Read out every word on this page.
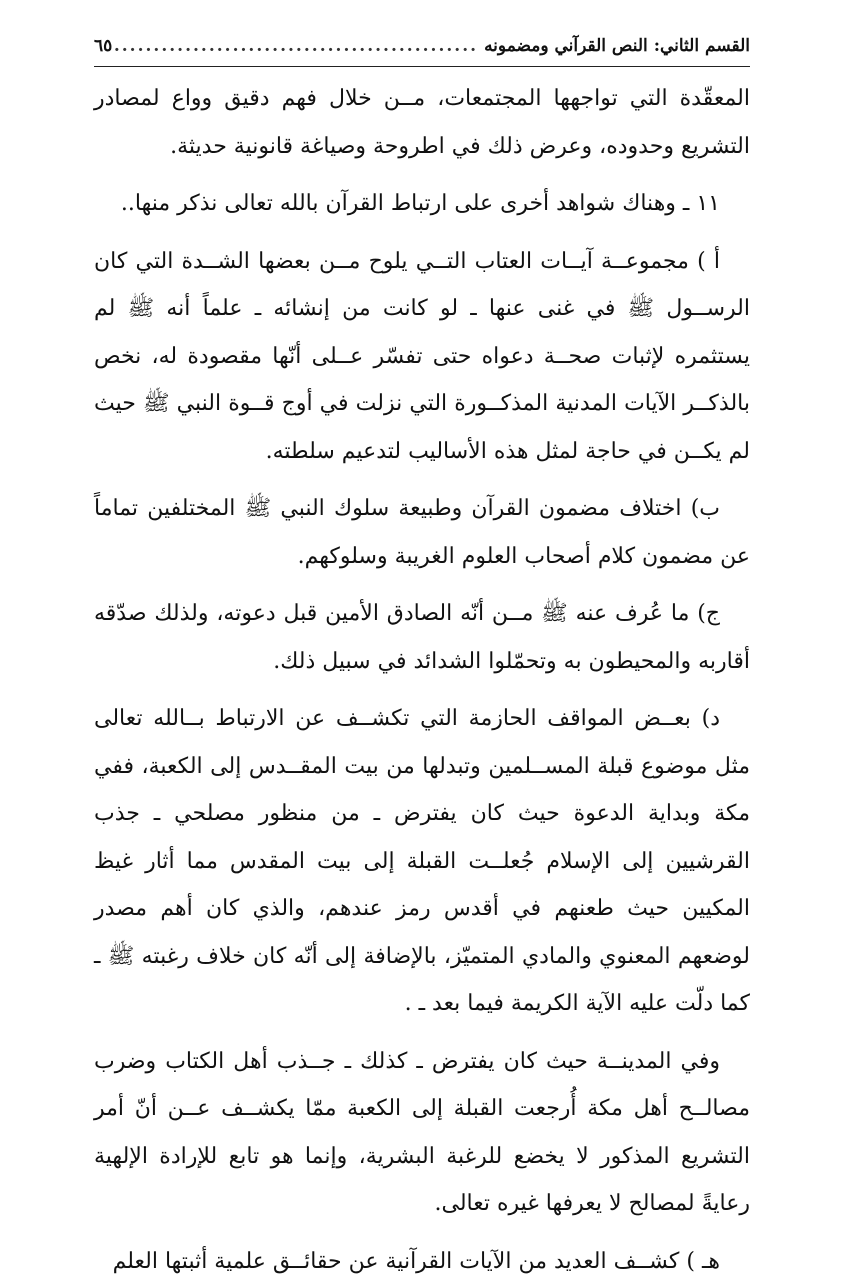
القسم الثاني: النص القرآني ومضمونه
..............................................
٦٥

المعقّدة التي تواجهها المجتمعات، مــن خلال فهم دقيق وواع لمصادر التشريع وحدوده، وعرض ذلك في اطروحة وصياغة قانونية حديثة.

١١ ـ وهناك شواهد أخرى على ارتباط القرآن بالله تعالى نذكر منها..

أ ) مجموعــة آيــات العتاب التــي يلوح مــن بعضها الشــدة التي كان الرســول ﷺ في غنى عنها ـ لو كانت من إنشائه ـ علماً أنه ﷺ لم يستثمره لإثبات صحــة دعواه حتى تفسّر عــلى أنّها مقصودة له، نخص بالذكــر الآيات المدنية المذكــورة التي نزلت في أوج قــوة النبي ﷺ حيث لم يكــن في حاجة لمثل هذه الأساليب لتدعيم سلطته.

ب) اختلاف مضمون القرآن وطبيعة سلوك النبي ﷺ المختلفين تماماً عن مضمون كلام أصحاب العلوم الغريبة وسلوكهم.

ج) ما عُرف عنه ﷺ مــن أنّه الصادق الأمين قبل دعوته، ولذلك صدّقه أقاربه والمحيطون به وتحمّلوا الشدائد في سبيل ذلك.

د) بعــض المواقف الحازمة التي تكشــف عن الارتباط بــالله تعالى مثل موضوع قبلة المســلمين وتبدلها من بيت المقــدس إلى الكعبة، ففي مكة وبداية الدعوة حيث كان يفترض ـ من منظور مصلحي ـ جذب القرشيين إلى الإسلام جُعلــت القبلة إلى بيت المقدس مما أثار غيظ المكيين حيث طعنهم في أقدس رمز عندهم، والذي كان أهم مصدر لوضعهم المعنوي والمادي المتميّز، بالإضافة إلى أنّه كان خلاف رغبته ﷺ ـ كما دلّت عليه الآية الكريمة فيما بعد ـ .

وفي المدينــة حيث كان يفترض ـ كذلك ـ جــذب أهل الكتاب وضرب مصالــح أهل مكة أُرجعت القبلة إلى الكعبة ممّا يكشــف عــن أنّ أمر التشريع المذكور لا يخضع للرغبة البشرية، وإنما هو تابع للإرادة الإلهية رعايةً لمصالح لا يعرفها غيره تعالى.

هـ ) كشــف العديد من الآيات القرآنية عن حقائــق علمية أثبتها العلم
